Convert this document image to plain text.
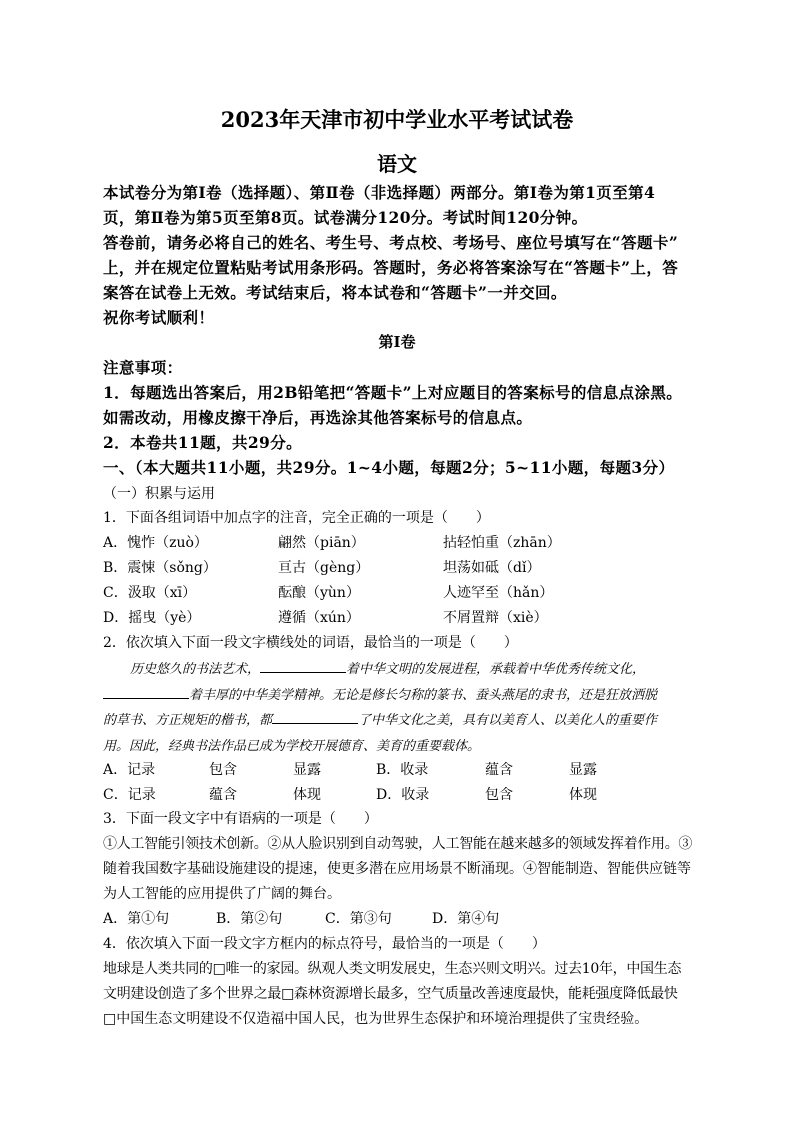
2023年天津市初中学业水平考试试卷
语文
本试卷分为第Ⅰ卷（选择题）、第Ⅱ卷（非选择题）两部分。第Ⅰ卷为第1页至第4
页，第Ⅱ卷为第5页至第8页。试卷满分120分。考试时间120分钟。
答卷前，请务必将自己的姓名、考生号、考点校、考场号、座位号填写在“答题卡”
上，并在规定位置粘贴考试用条形码。答题时，务必将答案涂写在“答题卡”上，答
案答在试卷上无效。考试结束后，将本试卷和“答题卡”一并交回。
祝你考试顺利！
第Ⅰ卷
注意事项：
1．每题选出答案后，用2B铅笔把“答题卡”上对应题目的答案标号的信息点涂黑。
如需改动，用橡皮擦干净后，再选涂其他答案标号的信息点。
2．本卷共11题，共29分。
一、（本大题共11小题，共29分。1~4小题，每题2分；5~11小题，每题3分）
（一）积累与运用
1．下面各组词语中加点字的注音，完全正确的一项是（　　）
A．愧怍（zuò）	翩然（piān）	拈轻怕重（zhān）
B．震悚（sǒng）	亘古（gèng）	坦荡如砥（dǐ）
C．汲取（xī）	酝酿（yùn）	人迹罕至（hǎn）
D．摇曳（yè）	遵循（xún）	不屑置辩（xiè）
2．依次填入下面一段文字横线处的词语，最恰当的一项是（　　）
历史悠久的书法艺术，	着中华文明的发展进程，承载着中华优秀传统文化，
着丰厚的中华美学精神。无论是修长匀称的篆书、蚕头燕尾的隶书，还是狂放洒脱
的草书、方正规矩的楷书，都	了中华文化之美，具有以美育人、以美化人的重要作
用。因此，经典书法作品已成为学校开展德育、美育的重要载体。
A．记录	包含	显露	B．收录	蕴含	显露
C．记录	蕴含	体现	D．收录	包含	体现
3．下面一段文字中有语病的一项是（　　）
①人工智能引领技术创新。②从人脸识别到自动驾驶，人工智能在越来越多的领域发挥着作用。③
随着我国数字基础设施建设的提速，使更多潜在应用场景不断涌现。④智能制造、智能供应链等
为人工智能的应用提供了广阔的舞台。
A．第①句	B．第②句	C．第③句	D．第④句
4．依次填入下面一段文字方框内的标点符号，最恰当的一项是（　　）
地球是人类共同的□唯一的家园。纵观人类文明发展史，生态兴则文明兴。过去10年，中国生态
文明建设创造了多个世界之最□森林资源增长最多，空气质量改善速度最快，能耗强度降低最快
□中国生态文明建设不仅造福中国人民，也为世界生态保护和环境治理提供了宝贵经验。
